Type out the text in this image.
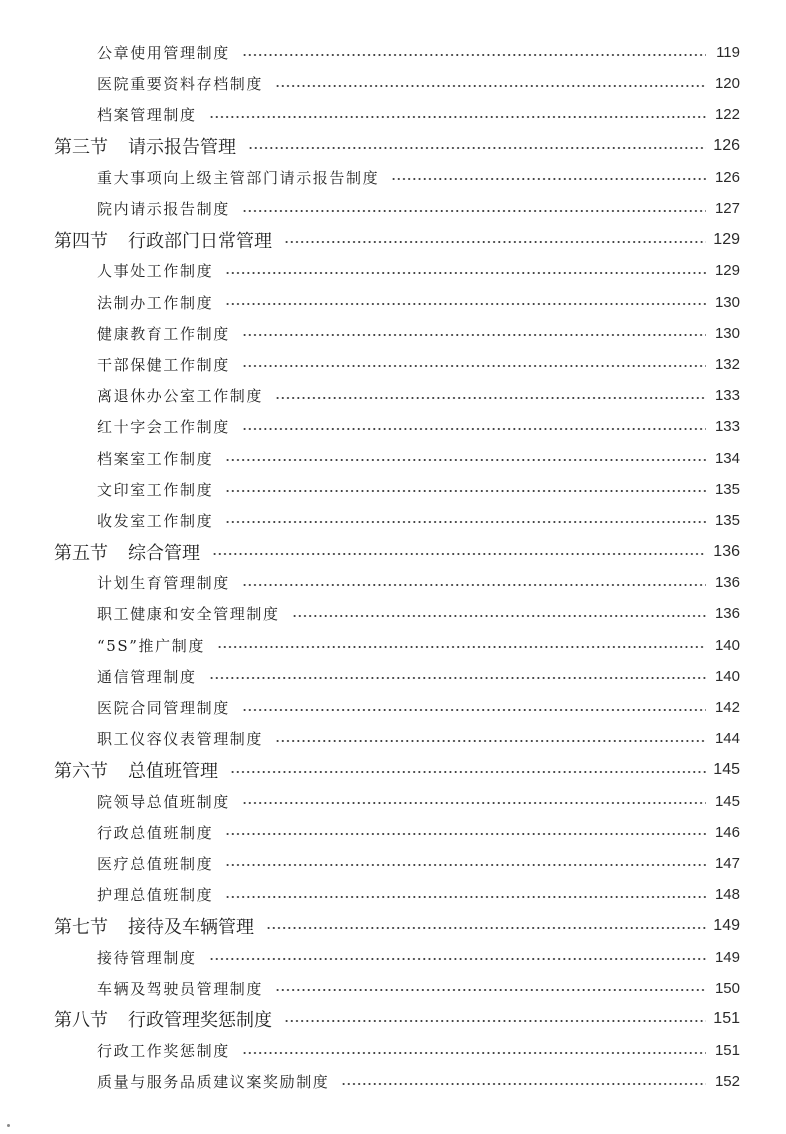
公章使用管理制度	119
医院重要资料存档制度	120
档案管理制度	122
第三节 请示报告管理	126
重大事项向上级主管部门请示报告制度	126
院内请示报告制度	127
第四节 行政部门日常管理	129
人事处工作制度	129
法制办工作制度	130
健康教育工作制度	130
干部保健工作制度	132
离退休办公室工作制度	133
红十字会工作制度	133
档案室工作制度	134
文印室工作制度	135
收发室工作制度	135
第五节 综合管理	136
计划生育管理制度	136
职工健康和安全管理制度	136
“5S”推广制度	140
通信管理制度	140
医院合同管理制度	142
职工仪容仪表管理制度	144
第六节 总值班管理	145
院领导总值班制度	145
行政总值班制度	146
医疗总值班制度	147
护理总值班制度	148
第七节 接待及车辆管理	149
接待管理制度	149
车辆及驾驶员管理制度	150
第八节 行政管理奖惩制度	151
行政工作奖惩制度	151
质量与服务品质建议案奖励制度	152
